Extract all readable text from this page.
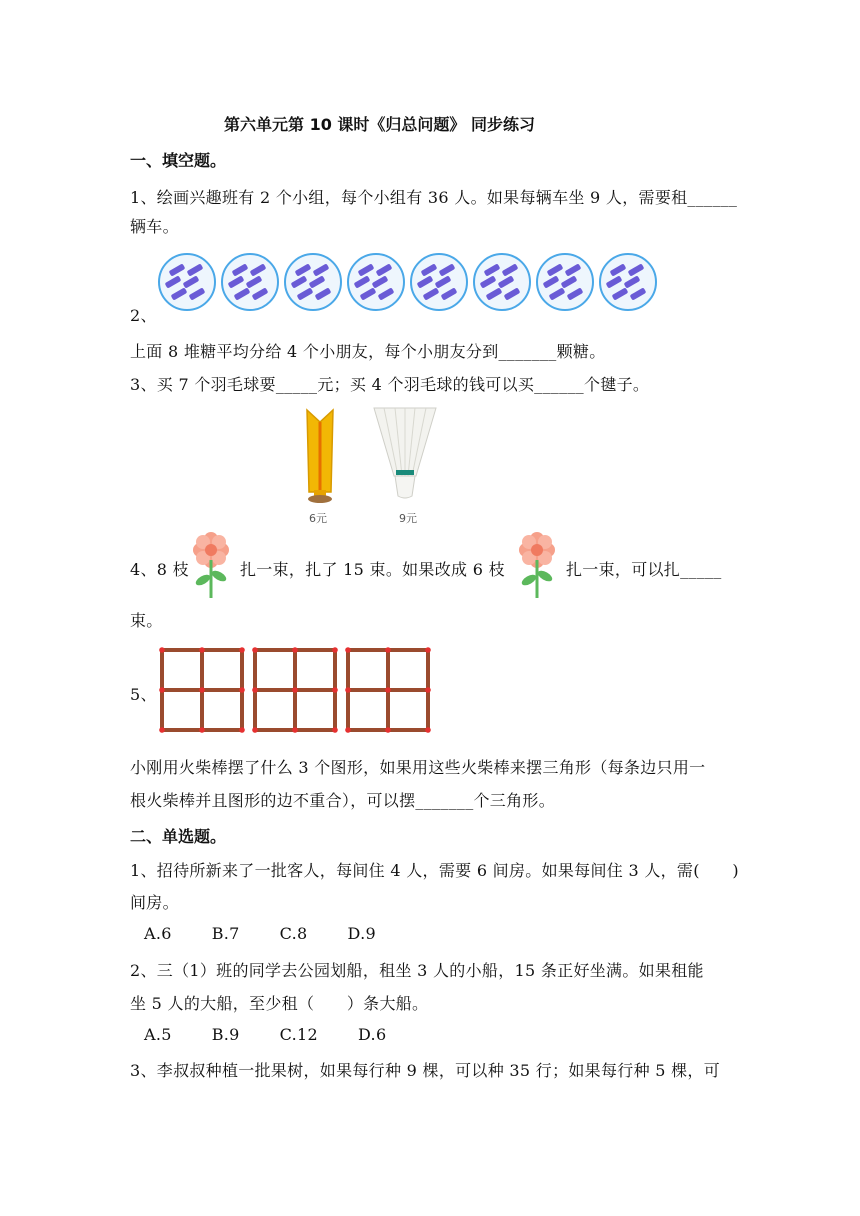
第六单元第 10 课时《归总问题》 同步练习
一、填空题。
1、绘画兴趣班有 2 个小组，每个小组有 36 人。如果每辆车坐 9 人，需要租______
辆车。
2、
上面 8 堆糖平均分给 4 个小朋友，每个小朋友分到_______颗糖。
3、买 7 个羽毛球要_____元；买 4 个羽毛球的钱可以买______个毽子。
6元	9元
4、8 枝	扎一束，扎了 15 束。如果改成 6 枝	扎一束，可以扎_____
束。
5、
小刚用火柴棒摆了什么 3 个图形，如果用这些火柴棒来摆三角形（每条边只用一
根火柴棒并且图形的边不重合），可以摆_______个三角形。
二、单选题。
1、招待所新来了一批客人，每间住 4 人，需要 6 间房。如果每间住 3 人，需(　　)
间房。
A.6	B.7	C.8	D.9
2、三（1）班的同学去公园划船，租坐 3 人的小船，15 条正好坐满。如果租能
坐 5 人的大船，至少租（　　）条大船。
A.5	B.9	C.12	D.6
3、李叔叔种植一批果树，如果每行种 9 棵，可以种 35 行；如果每行种 5 棵，可
